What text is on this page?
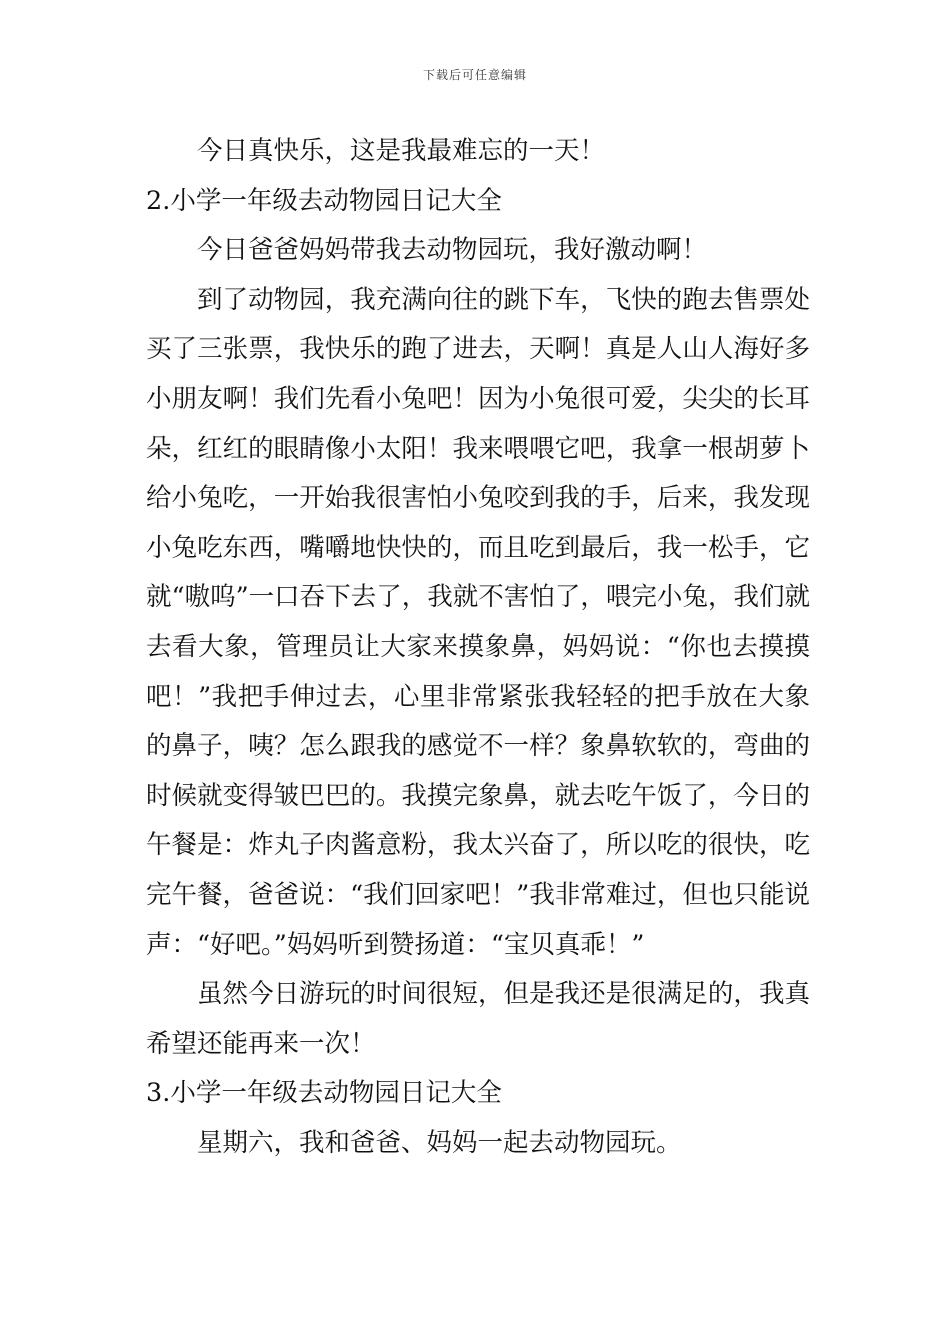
下载后可任意编辑

今日真快乐，这是我最难忘的一天！

2.小学一年级去动物园日记大全

今日爸爸妈妈带我去动物园玩，我好激动啊！

到了动物园，我充满向往的跳下车，飞快的跑去售票处买了三张票，我快乐的跑了进去，天啊！真是人山人海好多小朋友啊！我们先看小兔吧！因为小兔很可爱，尖尖的长耳朵，红红的眼睛像小太阳！我来喂喂它吧，我拿一根胡萝卜给小兔吃，一开始我很害怕小兔咬到我的手，后来，我发现小兔吃东西，嘴嚼地快快的，而且吃到最后，我一松手，它就“嗷呜”一口吞下去了，我就不害怕了，喂完小兔，我们就去看大象，管理员让大家来摸象鼻，妈妈说：“你也去摸摸吧！”我把手伸过去，心里非常紧张我轻轻的把手放在大象的鼻子，咦？怎么跟我的感觉不一样？象鼻软软的，弯曲的时候就变得皱巴巴的。我摸完象鼻，就去吃午饭了，今日的午餐是：炸丸子肉酱意粉，我太兴奋了，所以吃的很快，吃完午餐，爸爸说：“我们回家吧！”我非常难过，但也只能说声：“好吧。”妈妈听到赞扬道：“宝贝真乖！”

虽然今日游玩的时间很短，但是我还是很满足的，我真希望还能再来一次！

3.小学一年级去动物园日记大全

星期六，我和爸爸、妈妈一起去动物园玩。
